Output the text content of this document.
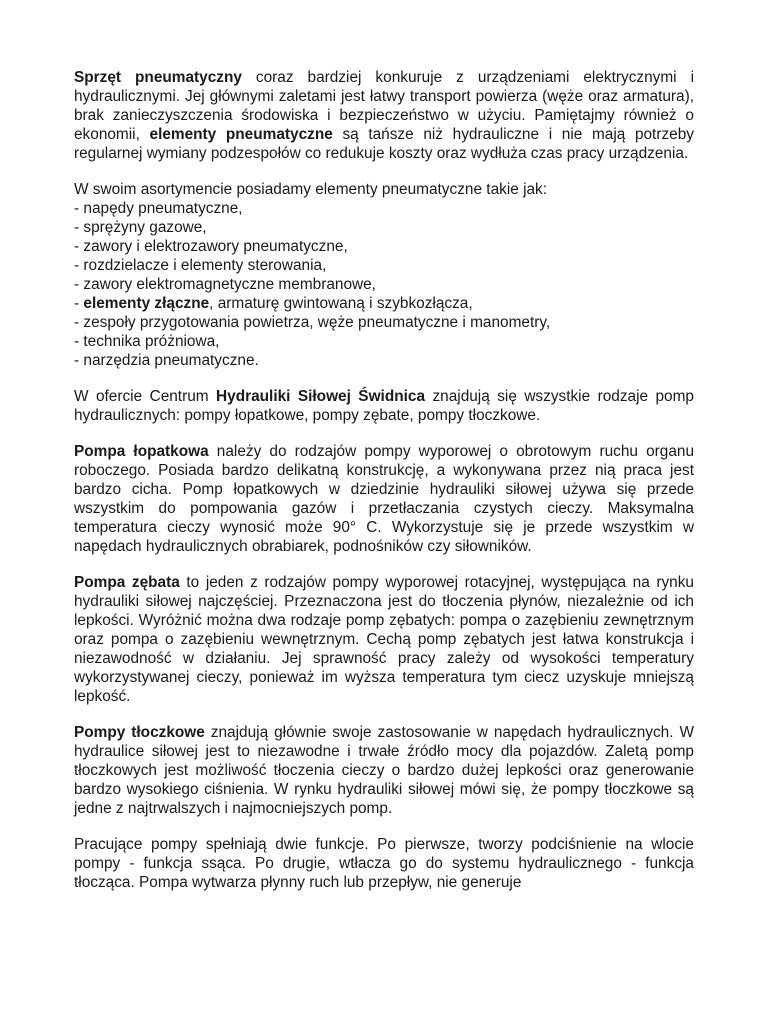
Sprzęt pneumatyczny coraz bardziej konkuruje z urządzeniami elektrycznymi i hydraulicznymi. Jej głównymi zaletami jest łatwy transport powierza (węże oraz armatura), brak zanieczyszczenia środowiska i bezpieczeństwo w użyciu. Pamiętajmy również o ekonomii, elementy pneumatyczne są tańsze niż hydrauliczne i nie mają potrzeby regularnej wymiany podzespołów co redukuje koszty oraz wydłuża czas pracy urządzenia.

W swoim asortymencie posiadamy elementy pneumatyczne takie jak:
- napędy pneumatyczne,
- sprężyny gazowe,
- zawory i elektrozawory pneumatyczne,
- rozdzielacze i elementy sterowania,
- zawory elektromagnetyczne membranowe,
- elementy złączne, armaturę gwintowaną i szybkozłącza,
- zespoły przygotowania powietrza, węże pneumatyczne i manometry,
- technika próżniowa,
- narzędzia pneumatyczne.

W ofercie Centrum Hydrauliki Siłowej Świdnica znajdują się wszystkie rodzaje pomp hydraulicznych: pompy łopatkowe, pompy zębate, pompy tłoczkowe.

Pompa łopatkowa należy do rodzajów pompy wyporowej o obrotowym ruchu organu roboczego. Posiada bardzo delikatną konstrukcję, a wykonywana przez nią praca jest bardzo cicha. Pomp łopatkowych w dziedzinie hydrauliki siłowej używa się przede wszystkim do pompowania gazów i przetłaczania czystych cieczy. Maksymalna temperatura cieczy wynosić może 90° C. Wykorzystuje się je przede wszystkim w napędach hydraulicznych obrabiarek, podnośników czy siłowników.

Pompa zębata to jeden z rodzajów pompy wyporowej rotacyjnej, występująca na rynku hydrauliki siłowej najczęściej. Przeznaczona jest do tłoczenia płynów, niezależnie od ich lepkości. Wyróżnić można dwa rodzaje pomp zębatych: pompa o zazębieniu zewnętrznym oraz pompa o zazębieniu wewnętrznym. Cechą pomp zębatych jest łatwa konstrukcja i niezawodność w działaniu. Jej sprawność pracy zależy od wysokości temperatury wykorzystywanej cieczy, ponieważ im wyższa temperatura tym ciecz uzyskuje mniejszą lepkość.

Pompy tłoczkowe znajdują głównie swoje zastosowanie w napędach hydraulicznych. W hydraulice siłowej jest to niezawodne i trwałe źródło mocy dla pojazdów. Zaletą pomp tłoczkowych jest możliwość tłoczenia cieczy o bardzo dużej lepkości oraz generowanie bardzo wysokiego ciśnienia. W rynku hydrauliki siłowej mówi się, że pompy tłoczkowe są jedne z najtrwalszych i najmocniejszych pomp.

Pracujące pompy spełniają dwie funkcje. Po pierwsze, tworzy podciśnienie na wlocie pompy - funkcja ssąca. Po drugie, wtłacza go do systemu hydraulicznego - funkcja tłocząca. Pompa wytwarza płynny ruch lub przepływ, nie generuje
